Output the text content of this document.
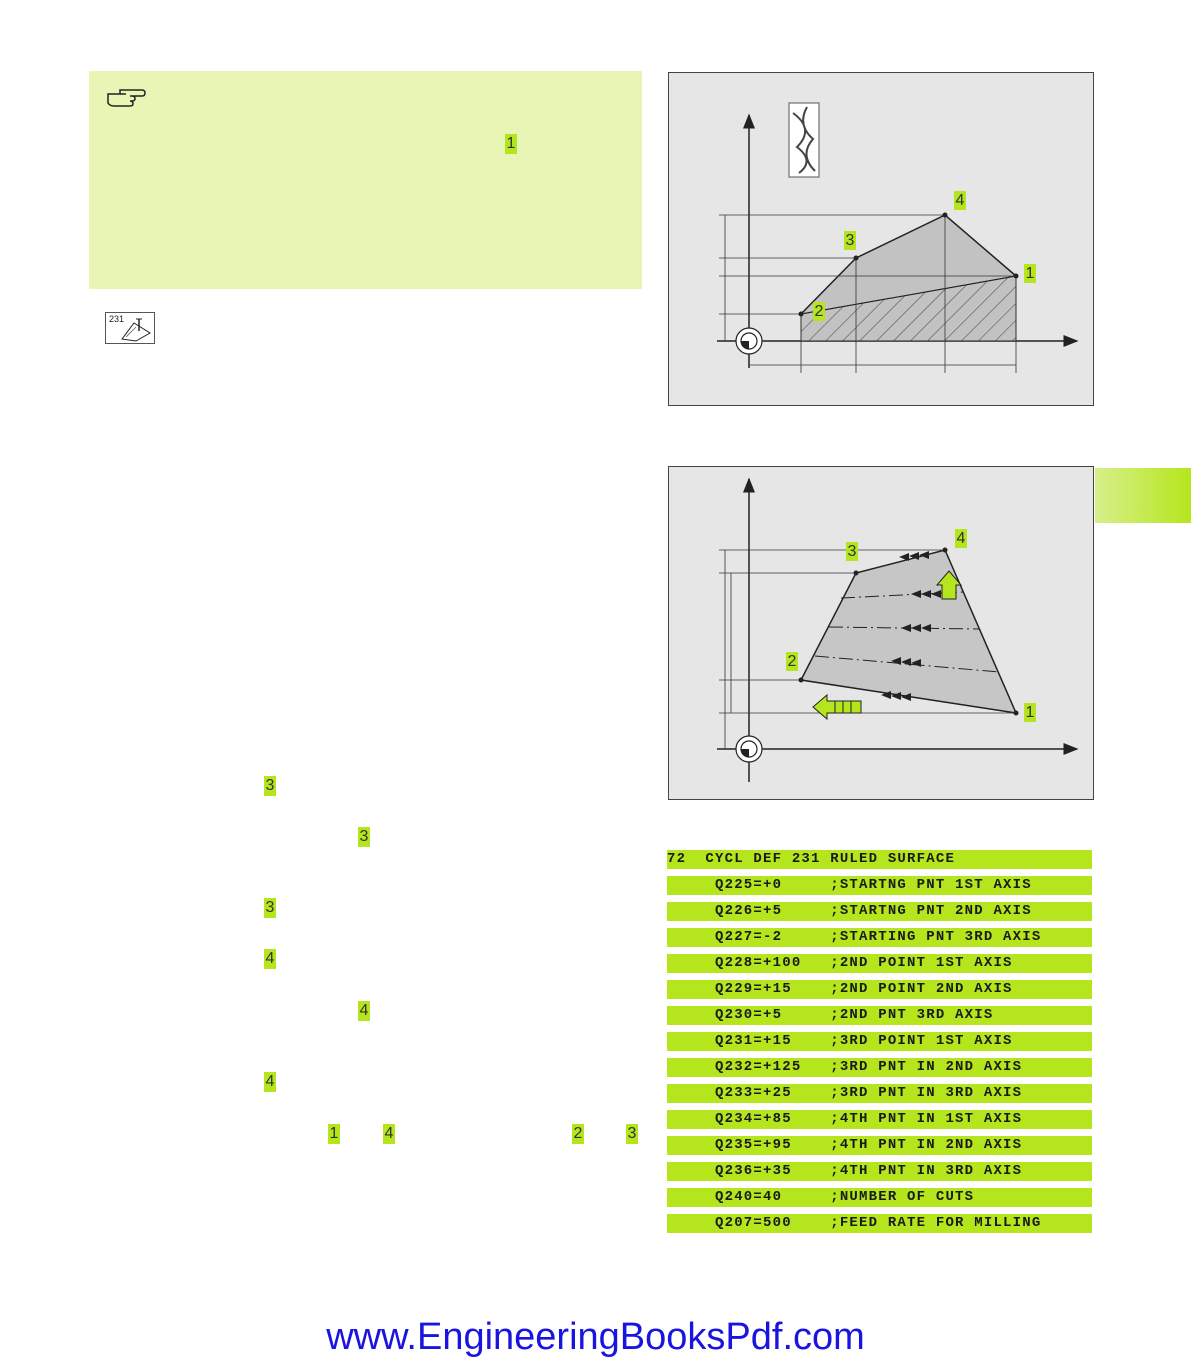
1
231
4
3
1
2
4
3
2
1
3
3
3
4
4
4
1	4	2	3
72  CYCL DEF 231 RULED SURFACE
Q225=+0     ;STARTNG PNT 1ST AXIS
Q226=+5     ;STARTNG PNT 2ND AXIS
Q227=-2     ;STARTING PNT 3RD AXIS
Q228=+100   ;2ND POINT 1ST AXIS
Q229=+15    ;2ND POINT 2ND AXIS
Q230=+5     ;2ND PNT 3RD AXIS
Q231=+15    ;3RD POINT 1ST AXIS
Q232=+125   ;3RD PNT IN 2ND AXIS
Q233=+25    ;3RD PNT IN 3RD AXIS
Q234=+85    ;4TH PNT IN 1ST AXIS
Q235=+95    ;4TH PNT IN 2ND AXIS
Q236=+35    ;4TH PNT IN 3RD AXIS
Q240=40     ;NUMBER OF CUTS
Q207=500    ;FEED RATE FOR MILLING
www.EngineeringBooksPdf.com
